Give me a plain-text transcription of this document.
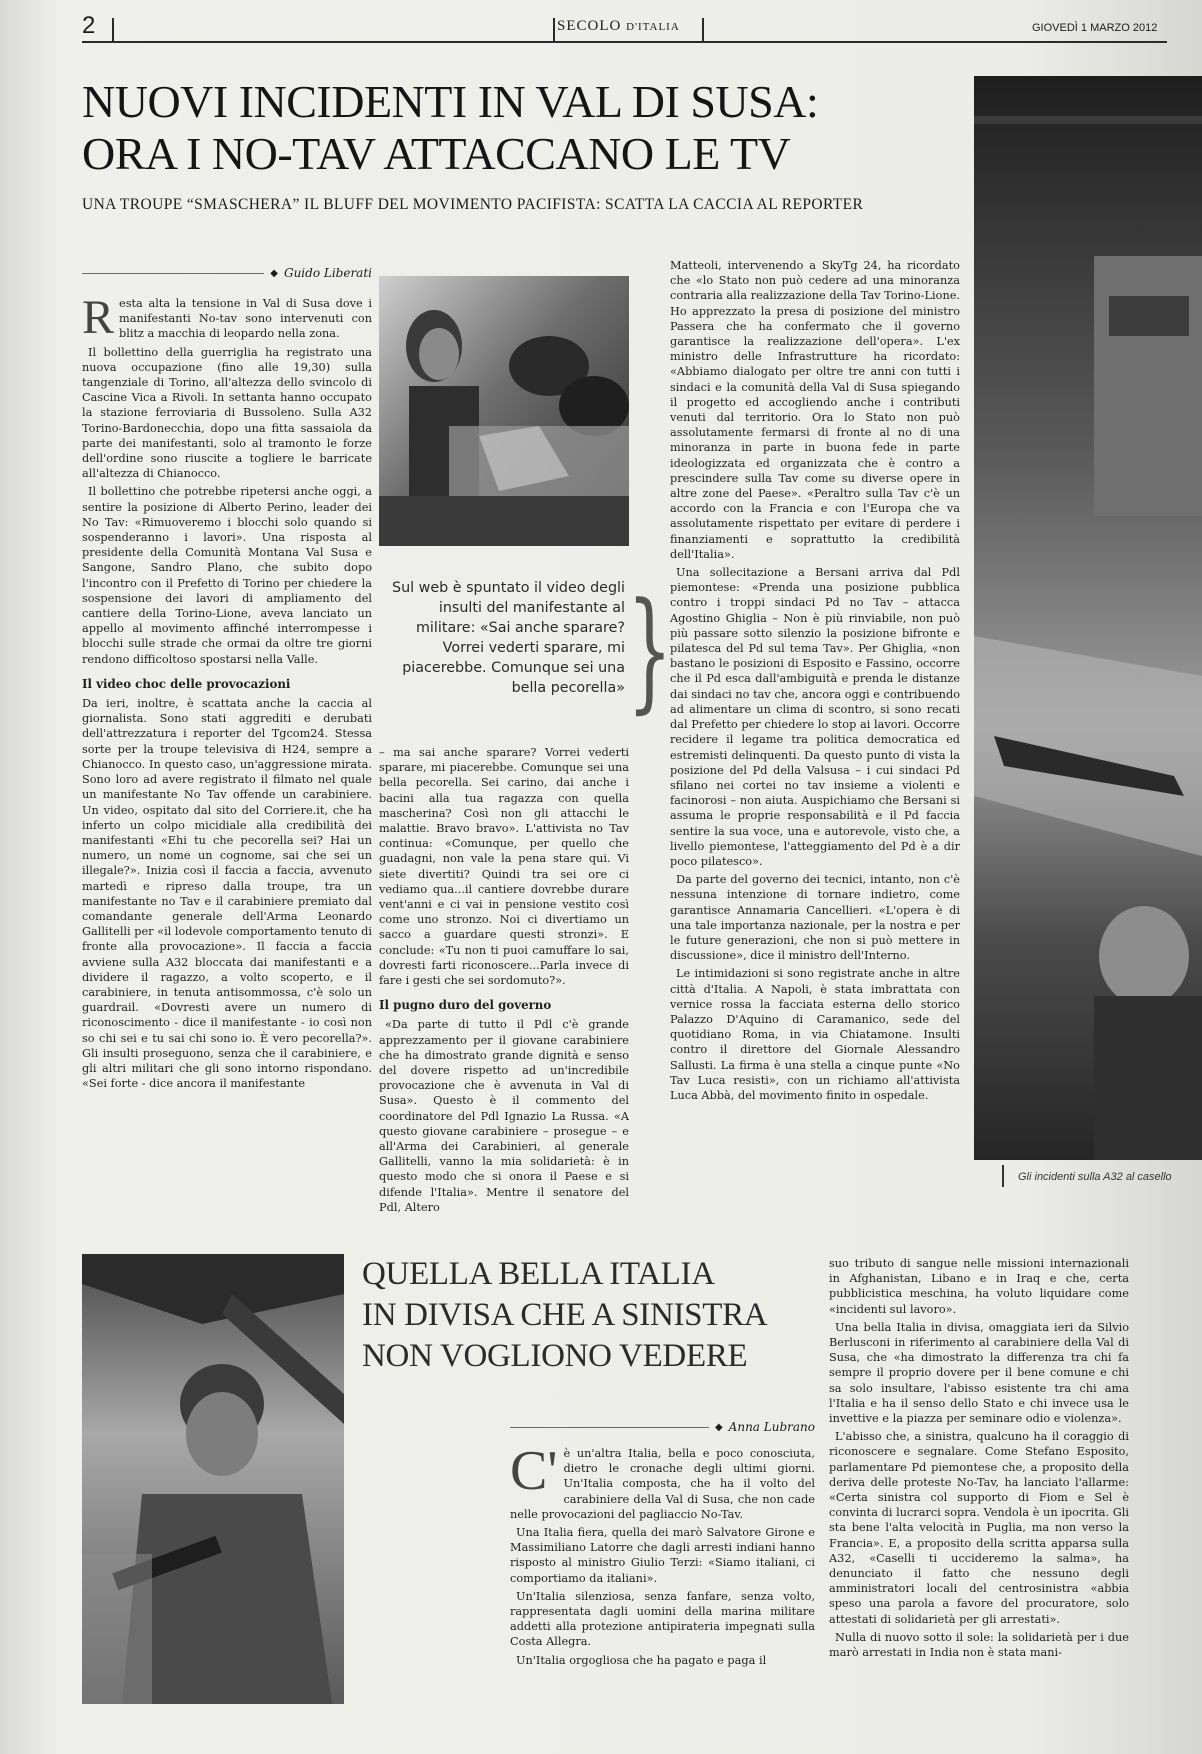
2	SECOLO D'ITALIA	GIOVEDÌ 1 MARZO 2012
NUOVI INCIDENTI IN VAL DI SUSA:
ORA I NO-TAV ATTACCANO LE TV
UNA TROUPE “SMASCHERA” IL BLUFF DEL MOVIMENTO PACIFISTA: SCATTA LA CACCIA AL REPORTER
◆ Guido Liberati

Resta alta la tensione in Val di Susa dove i manifestanti No-tav sono intervenuti con blitz a macchia di leopardo nella zona.

Il bollettino della guerriglia ha registrato una nuova occupazione (fino alle 19,30) sulla tangenziale di Torino, all'altezza dello svincolo di Cascine Vica a Rivoli. In settanta hanno occupato la stazione ferroviaria di Bussoleno. Sulla A32 Torino-Bardonecchia, dopo una fitta sassaiola da parte dei manifestanti, solo al tramonto le forze dell'ordine sono riuscite a togliere le barricate all'altezza di Chianocco.

Il bollettino che potrebbe ripetersi anche oggi, a sentire la posizione di Alberto Perino, leader dei No Tav: «Rimuoveremo i blocchi solo quando si sospenderanno i lavori». Una risposta al presidente della Comunità Montana Val Susa e Sangone, Sandro Plano, che subito dopo l'incontro con il Prefetto di Torino per chiedere la sospensione dei lavori di ampliamento del cantiere della Torino-Lione, aveva lanciato un appello al movimento affinché interrompesse i blocchi sulle strade che ormai da oltre tre giorni rendono difficoltoso spostarsi nella Valle.

Il video choc delle provocazioni

Da ieri, inoltre, è scattata anche la caccia al giornalista. Sono stati aggrediti e derubati dell'attrezzatura i reporter del Tgcom24. Stessa sorte per la troupe televisiva di H24, sempre a Chianocco. In questo caso, un'aggressione mirata. Sono loro ad avere registrato il filmato nel quale un manifestante No Tav offende un carabiniere. Un video, ospitato dal sito del Corriere.it, che ha inferto un colpo micidiale alla credibilità dei manifestanti «Ehi tu che pecorella sei? Hai un numero, un nome un cognome, sai che sei un illegale?». Inizia così il faccia a faccia, avvenuto martedì e ripreso dalla troupe, tra un manifestante no Tav e il carabiniere premiato dal comandante generale dell'Arma Leonardo Gallitelli per «il lodevole comportamento tenuto di fronte alla provocazione». Il faccia a faccia avviene sulla A32 bloccata dai manifestanti e a dividere il ragazzo, a volto scoperto, e il carabiniere, in tenuta antisommossa, c'è solo un guardrail. «Dovresti avere un numero di riconoscimento - dice il manifestante - io così non so chi sei e tu sai chi sono io. È vero pecorella?». Gli insulti proseguono, senza che il carabiniere, e gli altri militari che gli sono intorno rispondano. «Sei forte - dice ancora il manifestante

Sul web è spuntato il video degli insulti del manifestante al militare: «Sai anche sparare? Vorrei vederti sparare, mi piacerebbe. Comunque sei una bella pecorella» }

– ma sai anche sparare? Vorrei vederti sparare, mi piacerebbe. Comunque sei una bella pecorella. Sei carino, dai anche i bacini alla tua ragazza con quella mascherina? Così non gli attacchi le malattie. Bravo bravo». L'attivista no Tav continua: «Comunque, per quello che guadagni, non vale la pena stare qui. Vi siete divertiti? Quindi tra sei ore ci vediamo qua...il cantiere dovrebbe durare vent'anni e ci vai in pensione vestito così come uno stronzo. Noi ci divertiamo un sacco a guardare questi stronzi». E conclude: «Tu non ti puoi camuffare lo sai, dovresti farti riconoscere...Parla invece di fare i gesti che sei sordomuto?».

Il pugno duro del governo

«Da parte di tutto il Pdl c'è grande apprezzamento per il giovane carabiniere che ha dimostrato grande dignità e senso del dovere rispetto ad un'incredibile provocazione che è avvenuta in Val di Susa». Questo è il commento del coordinatore del Pdl Ignazio La Russa. «A questo giovane carabiniere – prosegue – e all'Arma dei Carabinieri, al generale Gallitelli, vanno la mia solidarietà: è in questo modo che si onora il Paese e si difende l'Italia». Mentre il senatore del Pdl, Altero

Matteoli, intervenendo a SkyTg 24, ha ricordato che «lo Stato non può cedere ad una minoranza contraria alla realizzazione della Tav Torino-Lione. Ho apprezzato la presa di posizione del ministro Passera che ha confermato che il governo garantisce la realizzazione dell'opera». L'ex ministro delle Infrastrutture ha ricordato: «Abbiamo dialogato per oltre tre anni con tutti i sindaci e la comunità della Val di Susa spiegando il progetto ed accogliendo anche i contributi venuti dal territorio. Ora lo Stato non può assolutamente fermarsi di fronte al no di una minoranza in parte in buona fede in parte ideologizzata ed organizzata che è contro a prescindere sulla Tav come su diverse opere in altre zone del Paese». «Peraltro sulla Tav c'è un accordo con la Francia e con l'Europa che va assolutamente rispettato per evitare di perdere i finanziamenti e soprattutto la credibilità dell'Italia».

Una sollecitazione a Bersani arriva dal Pdl piemontese: «Prenda una posizione pubblica contro i troppi sindaci Pd no Tav – attacca Agostino Ghiglia – Non è più rinviabile, non può più passare sotto silenzio la posizione bifronte e pilatesca del Pd sul tema Tav». Per Ghiglia, «non bastano le posizioni di Esposito e Fassino, occorre che il Pd esca dall'ambiguità e prenda le distanze dai sindaci no tav che, ancora oggi e contribuendo ad alimentare un clima di scontro, si sono recati dal Prefetto per chiedere lo stop ai lavori. Occorre recidere il legame tra politica democratica ed estremisti delinquenti. Da questo punto di vista la posizione del Pd della Valsusa – i cui sindaci Pd sfilano nei cortei no tav insieme a violenti e facinorosi – non aiuta. Auspichiamo che Bersani si assuma le proprie responsabilità e il Pd faccia sentire la sua voce, una e autorevole, visto che, a livello piemontese, l'atteggiamento del Pd è a dir poco pilatesco».

Da parte del governo dei tecnici, intanto, non c'è nessuna intenzione di tornare indietro, come garantisce Annamaria Cancellieri. «L'opera è di una tale importanza nazionale, per la nostra e per le future generazioni, che non si può mettere in discussione», dice il ministro dell'Interno.

Le intimidazioni si sono registrate anche in altre città d'Italia. A Napoli, è stata imbrattata con vernice rossa la facciata esterna dello storico Palazzo D'Aquino di Caramanico, sede del quotidiano Roma, in via Chiatamone. Insulti contro il direttore del Giornale Alessandro Sallusti. La firma è una stella a cinque punte «No Tav Luca resisti», con un richiamo all'attivista Luca Abbà, del movimento finito in ospedale.

Gli incidenti sulla A32 al casello
QUELLA BELLA ITALIA
IN DIVISA CHE A SINISTRA
NON VOGLIONO VEDERE
◆ Anna Lubrano

C' è un'altra Italia, bella e poco conosciuta, dietro le cronache degli ultimi giorni. Un'Italia composta, che ha il volto del carabiniere della Val di Susa, che non cade nelle provocazioni del pagliaccio No-Tav.

Una Italia fiera, quella dei marò Salvatore Girone e Massimiliano Latorre che dagli arresti indiani hanno risposto al ministro Giulio Terzi: «Siamo italiani, ci comportiamo da italiani».

Un'Italia silenziosa, senza fanfare, senza volto, rappresentata dagli uomini della marina militare addetti alla protezione antipirateria impegnati sulla Costa Allegra.

Un'Italia orgogliosa che ha pagato e paga il

suo tributo di sangue nelle missioni internazionali in Afghanistan, Libano e in Iraq e che, certa pubblicistica meschina, ha voluto liquidare come «incidenti sul lavoro».

Una bella Italia in divisa, omaggiata ieri da Silvio Berlusconi in riferimento al carabiniere della Val di Susa, che «ha dimostrato la differenza tra chi fa sempre il proprio dovere per il bene comune e chi sa solo insultare, l'abisso esistente tra chi ama l'Italia e ha il senso dello Stato e chi invece usa le invettive e la piazza per seminare odio e violenza».

L'abisso che, a sinistra, qualcuno ha il coraggio di riconoscere e segnalare. Come Stefano Esposito, parlamentare Pd piemontese che, a proposito della deriva delle proteste No-Tav, ha lanciato l'allarme: «Certa sinistra col supporto di Fiom e Sel è convinta di lucrarci sopra. Vendola è un ipocrita. Gli sta bene l'alta velocità in Puglia, ma non verso la Francia». E, a proposito della scritta apparsa sulla A32, «Caselli ti uccideremo la salma», ha denunciato il fatto che nessuno degli amministratori locali del centrosinistra «abbia speso una parola a favore del procuratore, solo attestati di solidarietà per gli arrestati».

Nulla di nuovo sotto il sole: la solidarietà per i due marò arrestati in India non è stata mani-
